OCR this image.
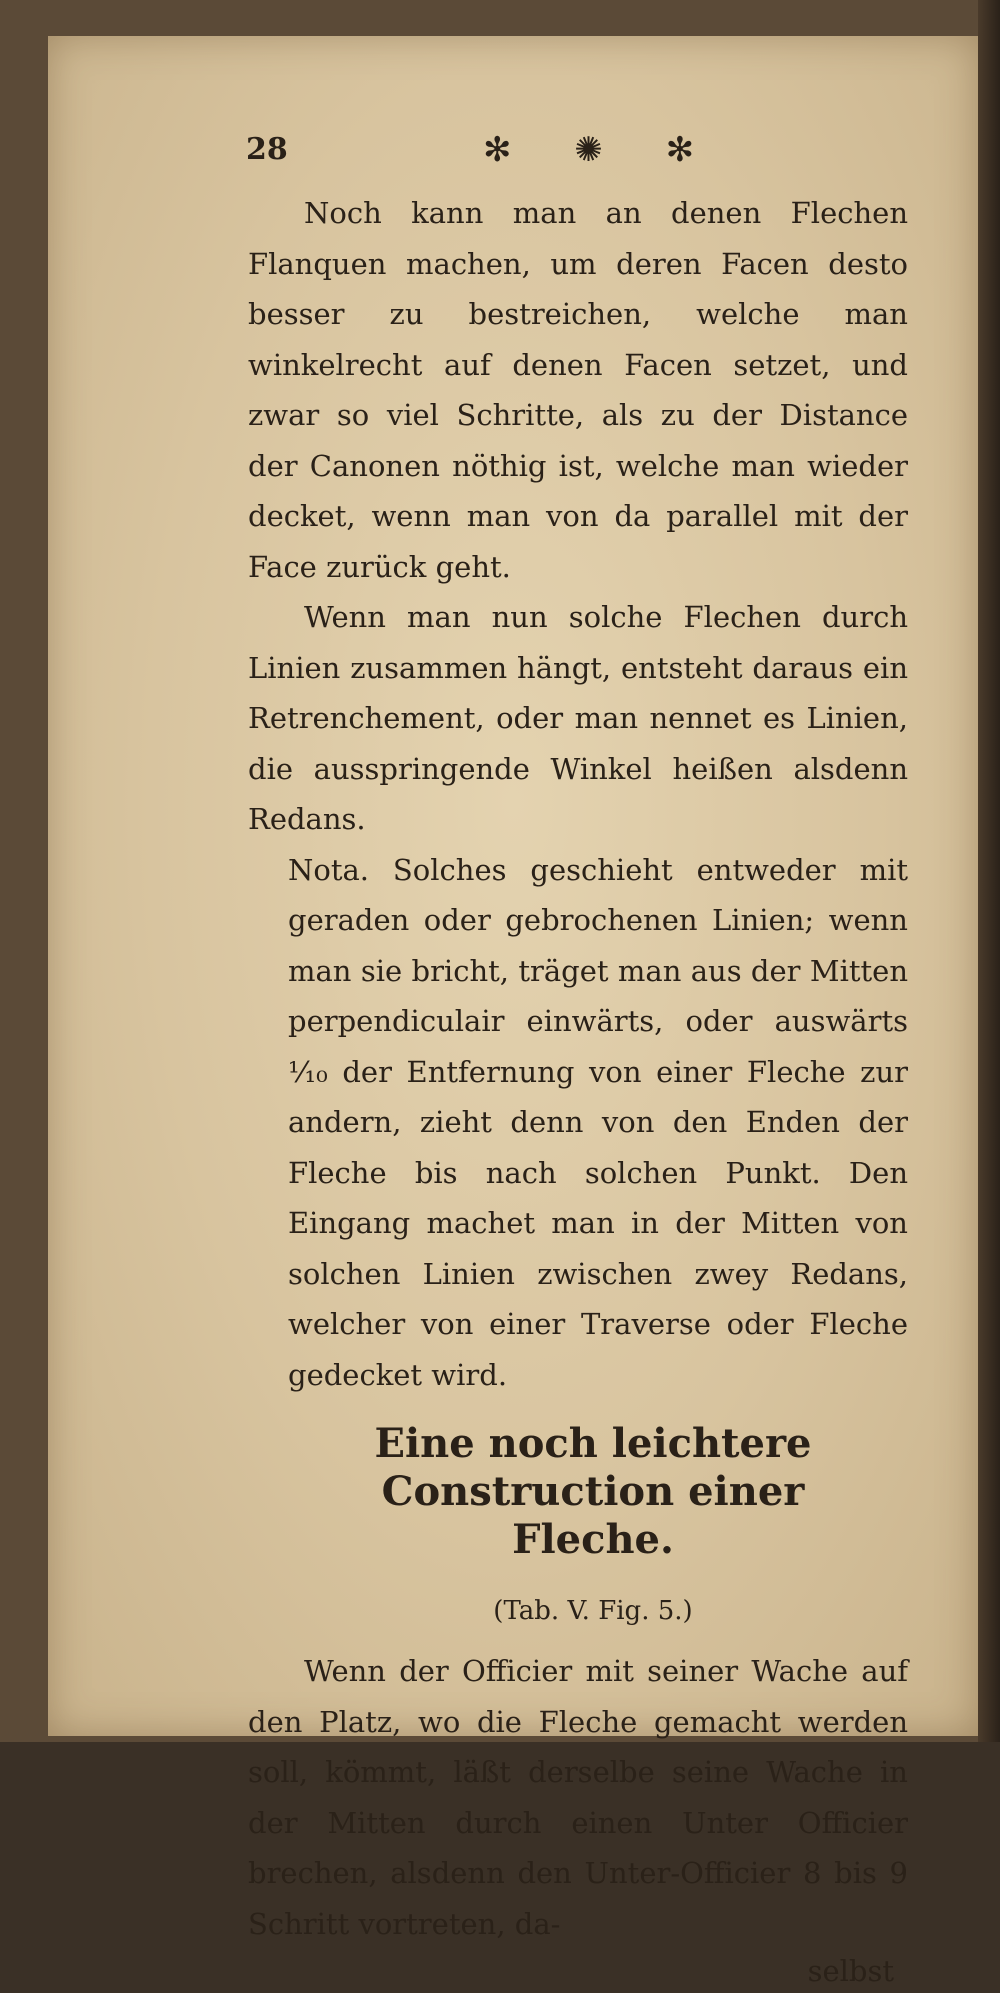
28	✻ ✺ ✻

Noch kann man an denen Flechen Flanquen machen, um deren Facen desto besser zu bestreichen, welche man winkelrecht auf denen Facen setzet, und zwar so viel Schritte, als zu der Distance der Canonen nöthig ist, welche man wieder decket, wenn man von da parallel mit der Face zurück geht.

Wenn man nun solche Flechen durch Linien zusammen hängt, entsteht daraus ein Retrenchement, oder man nennet es Linien, die ausspringende Winkel heißen alsdenn Redans.

Nota. Solches geschieht entweder mit geraden oder gebrochenen Linien; wenn man sie bricht, träget man aus der Mitten perpendiculair einwärts, oder auswärts ¹⁄₁₀ der Entfernung von einer Fleche zur andern, zieht denn von den Enden der Fleche bis nach solchen Punkt. Den Eingang machet man in der Mitten von solchen Linien zwischen zwey Redans, welcher von einer Traverse oder Fleche gedecket wird.

Eine noch leichtere Construction einer
Fleche.
(Tab. V. Fig. 5.)

Wenn der Officier mit seiner Wache auf den Platz, wo die Fleche gemacht werden soll, kömmt, läßt derselbe seine Wache in der Mitten durch einen Unter Officier brechen, alsdenn den Unter-Officier 8 bis 9 Schritt vortreten, da-

selbst
